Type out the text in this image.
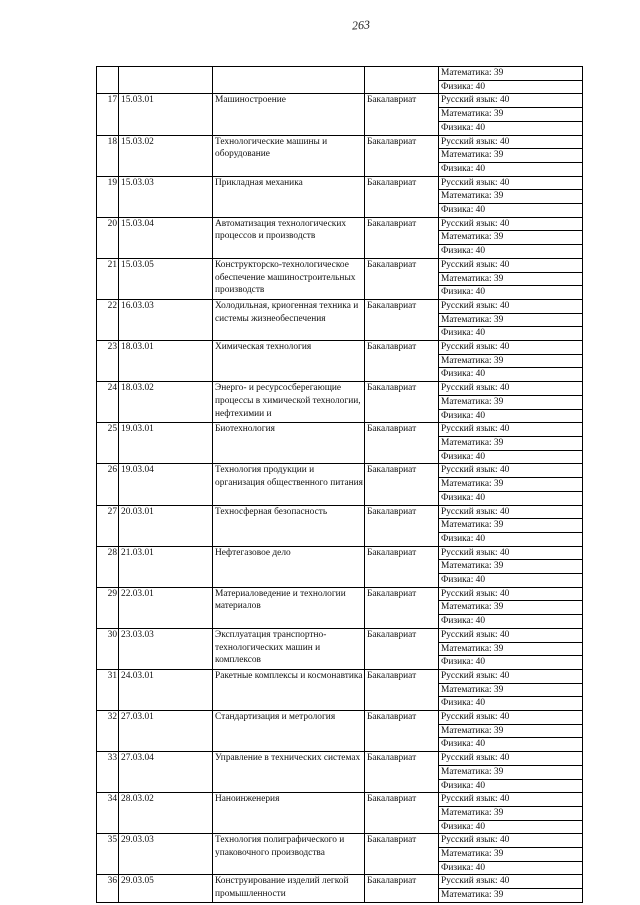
263
				Математика: 39
				Физика: 40
17	15.03.01	Машиностроение	Бакалавриат	Русский язык: 40
				Математика: 39
				Физика: 40
18	15.03.02	Технологические машины и оборудование	Бакалавриат	Русский язык: 40
				Математика: 39
				Физика: 40
19	15.03.03	Прикладная механика	Бакалавриат	Русский язык: 40
				Математика: 39
				Физика: 40
20	15.03.04	Автоматизация технологических процессов и производств	Бакалавриат	Русский язык: 40
				Математика: 39
				Физика: 40
21	15.03.05	Конструкторско-технологическое обеспечение машиностроительных производств	Бакалавриат	Русский язык: 40
				Математика: 39
				Физика: 40
22	16.03.03	Холодильная, криогенная техника и системы жизнеобеспечения	Бакалавриат	Русский язык: 40
				Математика: 39
				Физика: 40
23	18.03.01	Химическая технология	Бакалавриат	Русский язык: 40
				Математика: 39
				Физика: 40
24	18.03.02	Энерго- и ресурсосберегающие процессы в химической технологии, нефтехимии и	Бакалавриат	Русский язык: 40
				Математика: 39
				Физика: 40
25	19.03.01	Биотехнология	Бакалавриат	Русский язык: 40
				Математика: 39
				Физика: 40
26	19.03.04	Технология продукции и организация общественного питания	Бакалавриат	Русский язык: 40
				Математика: 39
				Физика: 40
27	20.03.01	Техносферная безопасность	Бакалавриат	Русский язык: 40
				Математика: 39
				Физика: 40
28	21.03.01	Нефтегазовое дело	Бакалавриат	Русский язык: 40
				Математика: 39
				Физика: 40
29	22.03.01	Материаловедение и технологии материалов	Бакалавриат	Русский язык: 40
				Математика: 39
				Физика: 40
30	23.03.03	Эксплуатация транспортно-технологических машин и комплексов	Бакалавриат	Русский язык: 40
				Математика: 39
				Физика: 40
31	24.03.01	Ракетные комплексы и космонавтика	Бакалавриат	Русский язык: 40
				Математика: 39
				Физика: 40
32	27.03.01	Стандартизация и метрология	Бакалавриат	Русский язык: 40
				Математика: 39
				Физика: 40
33	27.03.04	Управление в технических системах	Бакалавриат	Русский язык: 40
				Математика: 39
				Физика: 40
34	28.03.02	Наноинженерия	Бакалавриат	Русский язык: 40
				Математика: 39
				Физика: 40
35	29.03.03	Технология полиграфического и упаковочного производства	Бакалавриат	Русский язык: 40
				Математика: 39
				Физика: 40
36	29.03.05	Конструирование изделий легкой промышленности	Бакалавриат	Русский язык: 40
				Математика: 39
